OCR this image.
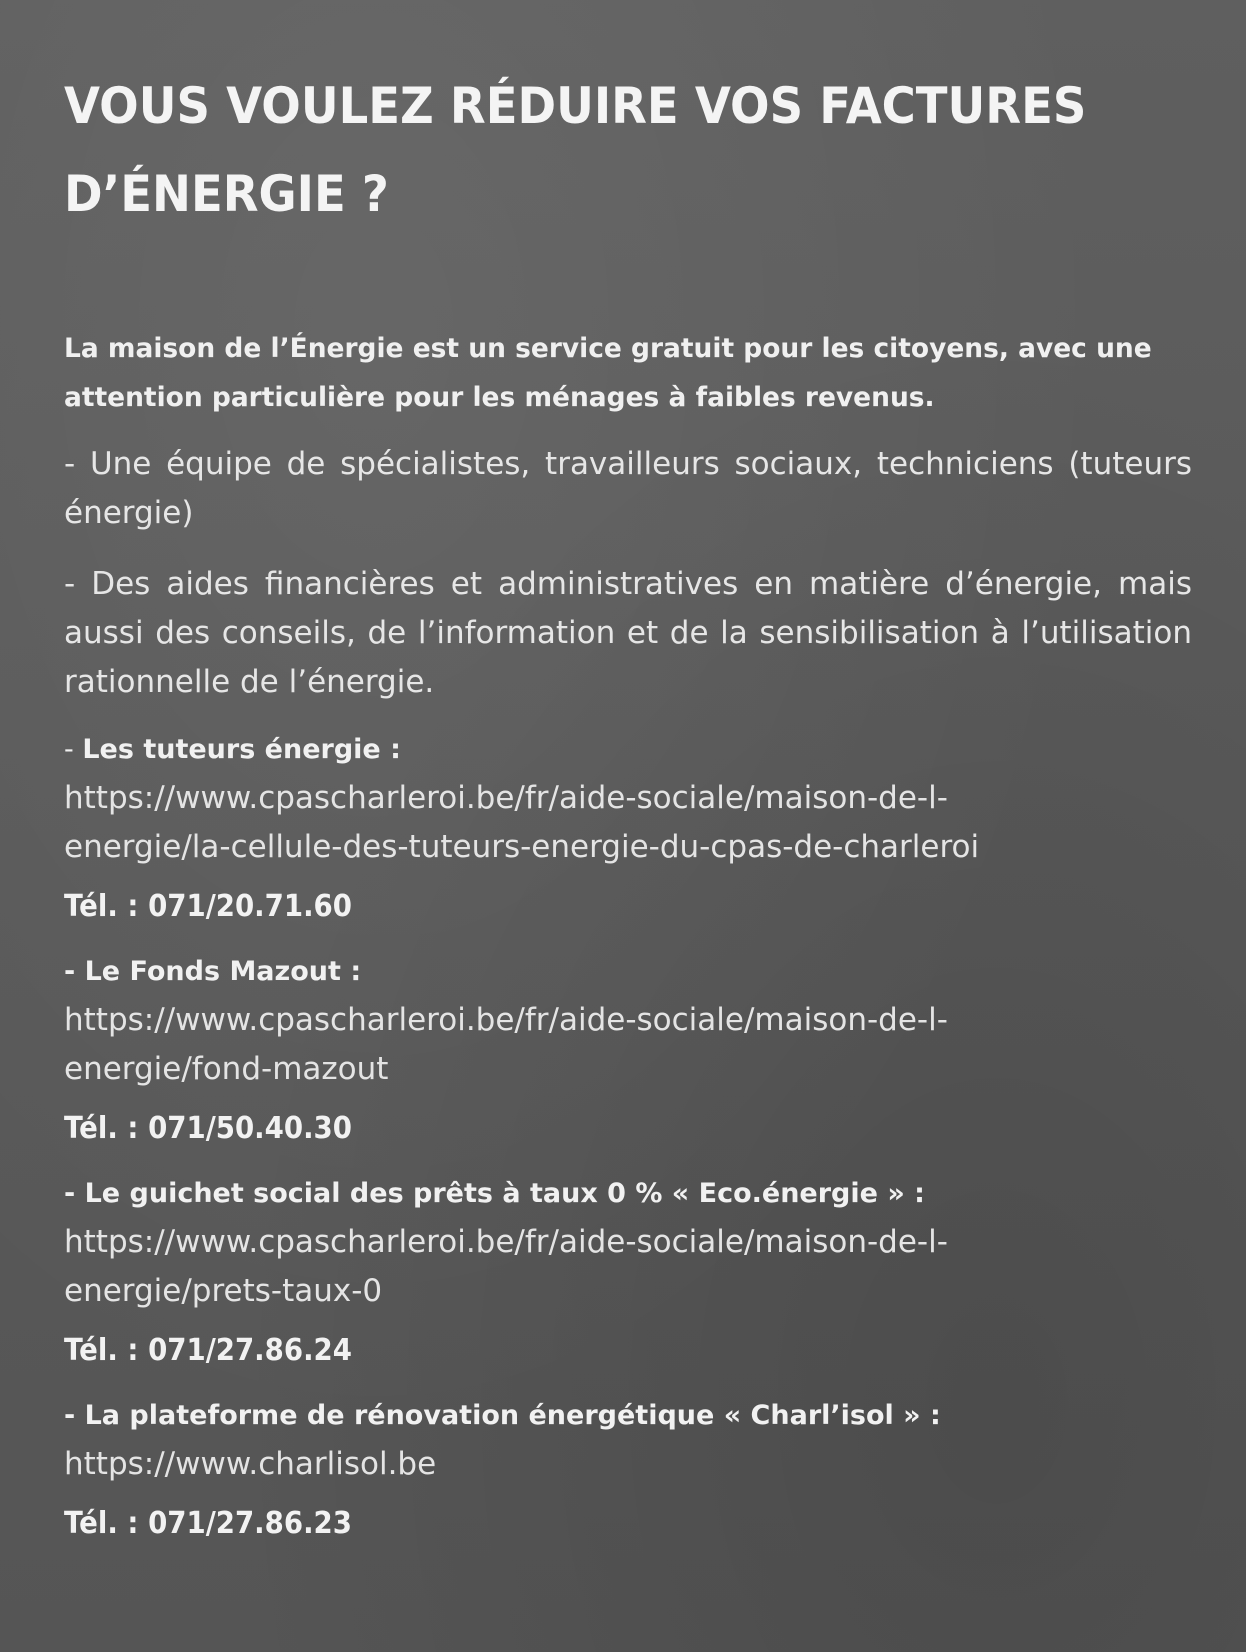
VOUS VOULEZ RÉDUIRE VOS FACTURES
D’ÉNERGIE ?

La maison de l’Énergie est un service gratuit pour les citoyens, avec une attention particulière pour les ménages à faibles revenus.

- Une équipe de spécialistes, travailleurs sociaux, techniciens (tuteurs énergie)

- Des aides financières et administratives en matière d’énergie, mais aussi des conseils, de l’information et de la sensibilisation à l’utilisation rationnelle de l’énergie.

- Les tuteurs énergie :
https://www.cpascharleroi.be/fr/aide-sociale/maison-de-l-
energie/la-cellule-des-tuteurs-energie-du-cpas-de-charleroi
Tél. : 071/20.71.60
- Le Fonds Mazout :
https://www.cpascharleroi.be/fr/aide-sociale/maison-de-l-
energie/fond-mazout
Tél. : 071/50.40.30
- Le guichet social des prêts à taux 0 % « Eco.énergie » :
https://www.cpascharleroi.be/fr/aide-sociale/maison-de-l-
energie/prets-taux-0
Tél. : 071/27.86.24
- La plateforme de rénovation énergétique « Charl’isol » :
https://www.charlisol.be
Tél. : 071/27.86.23
